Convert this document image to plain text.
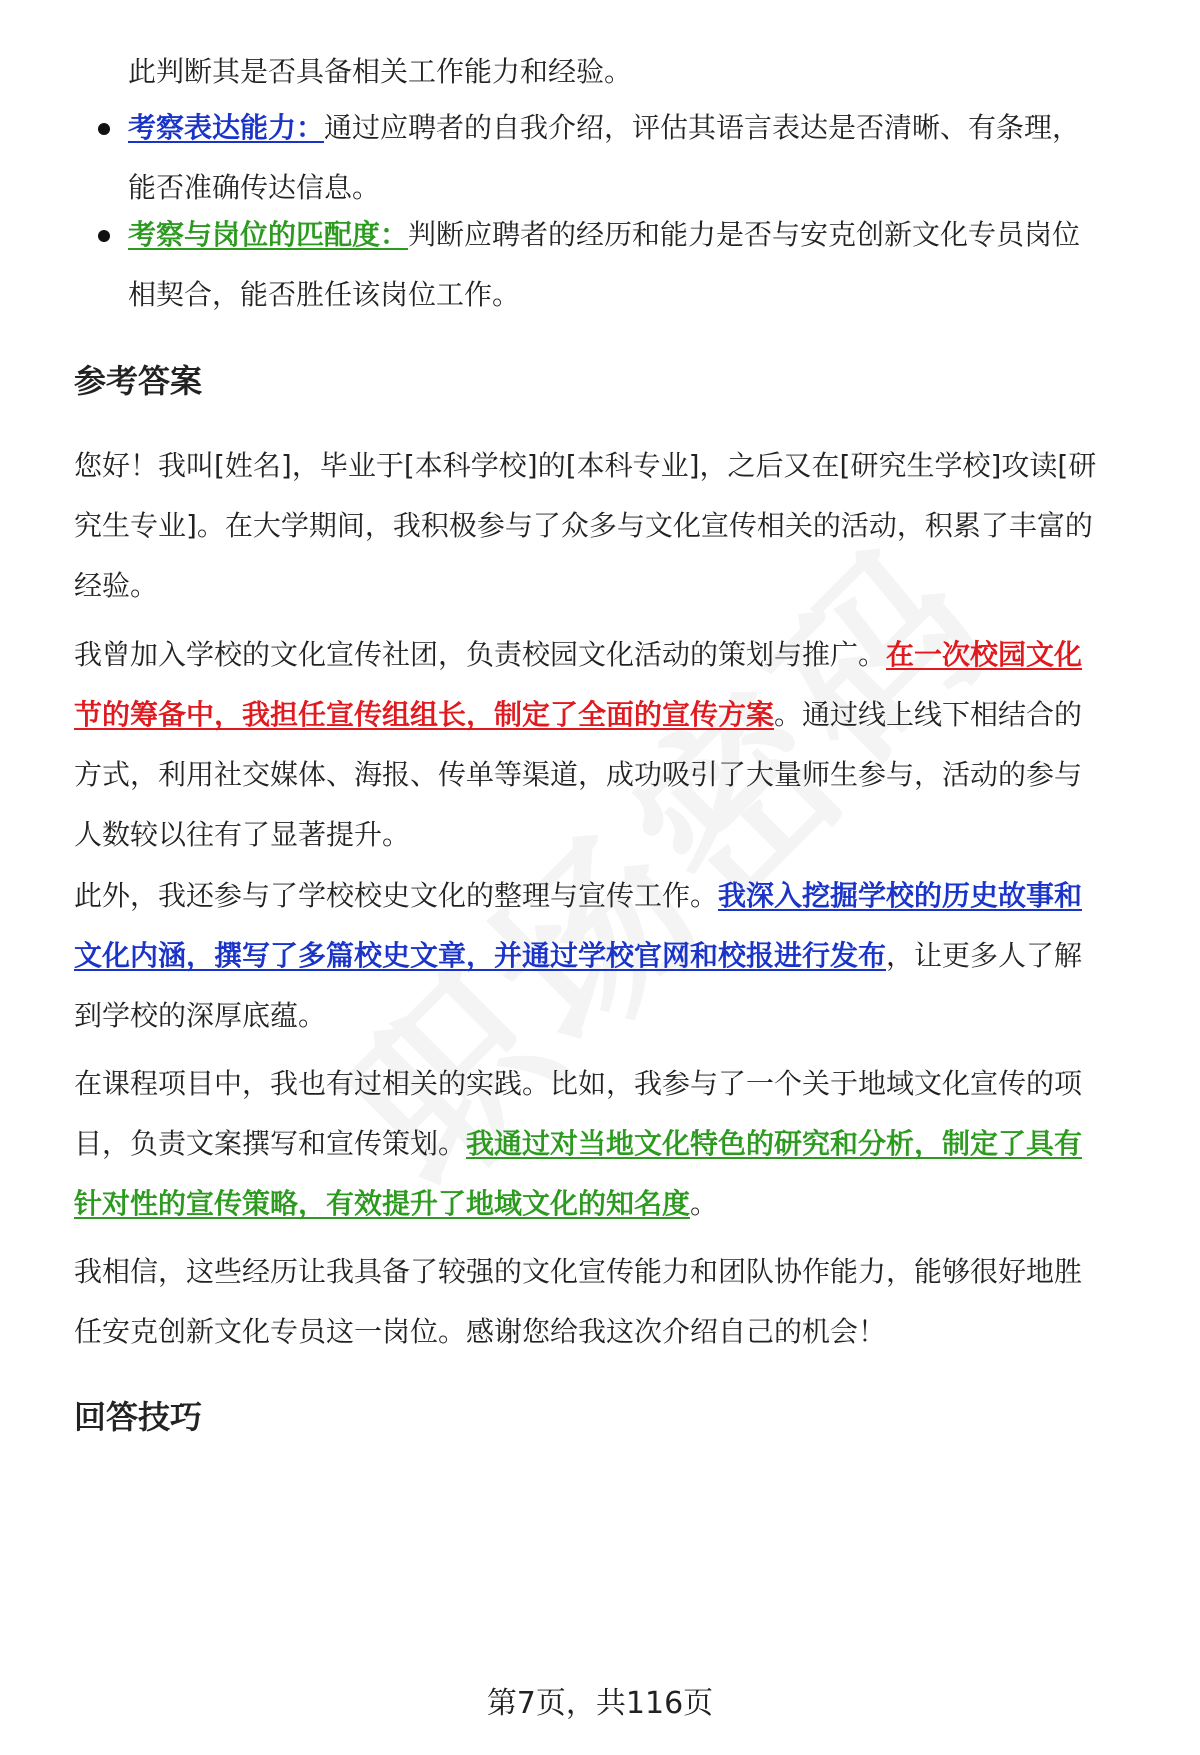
此判断其是否具备相关工作能力和经验。

考察表达能力：通过应聘者的自我介绍，评估其语言表达是否清晰、有条理，

能否准确传达信息。

考察与岗位的匹配度：判断应聘者的经历和能力是否与安克创新文化专员岗位

相契合，能否胜任该岗位工作。

参考答案

您好！我叫[姓名]，毕业于[本科学校]的[本科专业]，之后又在[研究生学校]攻读[研

究生专业]。在大学期间，我积极参与了众多与文化宣传相关的活动，积累了丰富的

经验。

我曾加入学校的文化宣传社团，负责校园文化活动的策划与推广。在一次校园文化

节的筹备中，我担任宣传组组长，制定了全面的宣传方案。通过线上线下相结合的

方式，利用社交媒体、海报、传单等渠道，成功吸引了大量师生参与，活动的参与

人数较以往有了显著提升。

此外，我还参与了学校校史文化的整理与宣传工作。我深入挖掘学校的历史故事和

文化内涵，撰写了多篇校史文章，并通过学校官网和校报进行发布，让更多人了解

到学校的深厚底蕴。

在课程项目中，我也有过相关的实践。比如，我参与了一个关于地域文化宣传的项

目，负责文案撰写和宣传策划。我通过对当地文化特色的研究和分析，制定了具有

针对性的宣传策略，有效提升了地域文化的知名度。

我相信，这些经历让我具备了较强的文化宣传能力和团队协作能力，能够很好地胜

任安克创新文化专员这一岗位。感谢您给我这次介绍自己的机会！

回答技巧
第7页，共116页
